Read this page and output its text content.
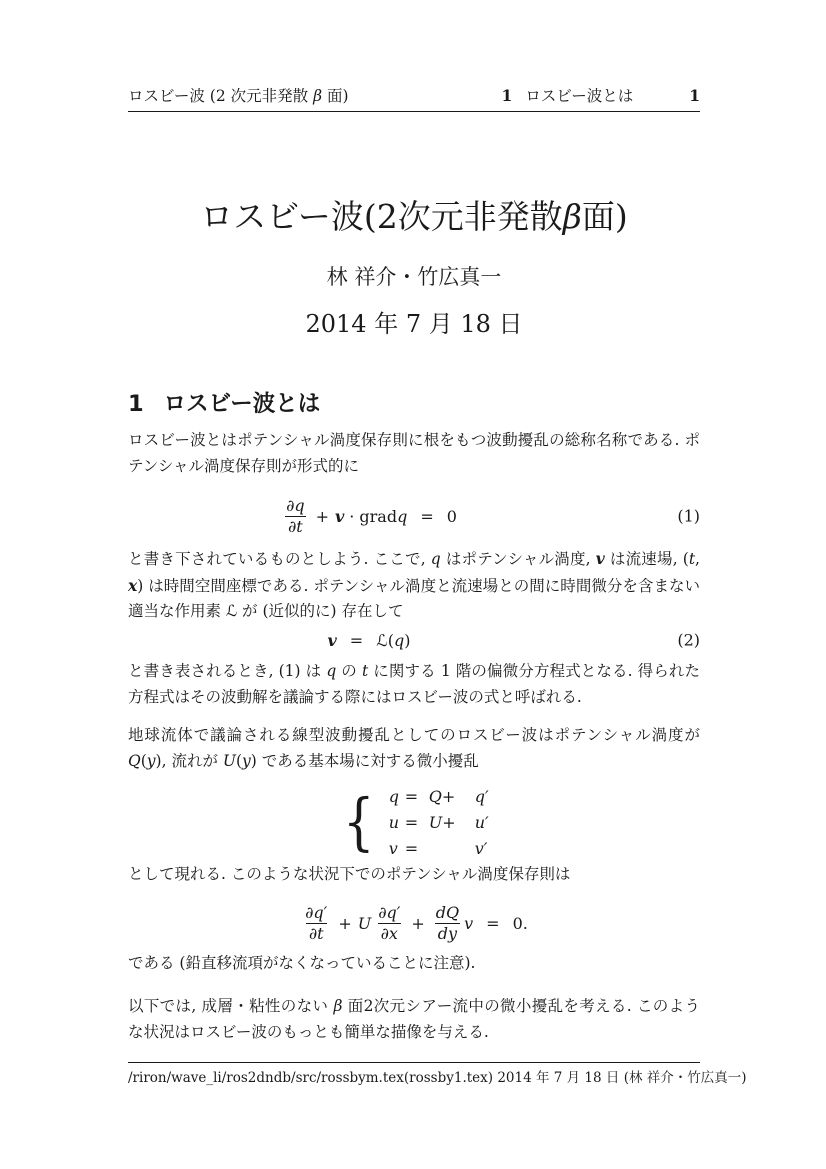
ロスビー波 (2 次元非発散 β 面)	1 ロスビー波とは	1
ロスビー波(2次元非発散β面)
林 祥介・竹広真一
2014 年 7 月 18 日
1 ロスビー波とは
ロスビー波とはポテンシャル渦度保存則に根をもつ波動擾乱の総称名称である. ポテンシャル渦度保存則が形式的に
$\frac{\partial q}{\partial t} + v$ · grad q = 0	(1)
と書き下されているものとしよう. ここで, q はポテンシャル渦度, v は流速場, (t, x) は時間空間座標である. ポテンシャル渦度と流速場との間に時間微分を含まない適当な作用素 ℒ が (近似的に) 存在して
v = ℒ ( q )	(2)
と書き表されるとき, (1) は q の t に関する 1 階の偏微分方程式となる. 得られた方程式はその波動解を議論する際にはロスビー波の式と呼ばれる.
地球流体で議論される線型波動擾乱としてのロスビー波はポテンシャル渦度が Q(y), 流れが U(y) である基本場に対する微小擾乱
{ q = Q+	q′
u = U+	u′
v =	v′
として現れる. このような状況下でのポテンシャル渦度保存則は
$\frac{\partial q'}{\partial t} + U \frac{\partial q'}{\partial x} + \frac{dQ}{dy}$ v = 0.
である (鉛直移流項がなくなっていることに注意).
以下では, 成層・粘性のない β 面2次元シアー流中の微小擾乱を考える. このような状況はロスビー波のもっとも簡単な描像を与える.
/riron/wave_li/ros2dndb/src/rossbym.tex(rossby1.tex) 2014 年 7 月 18 日 (林 祥介・竹広真一)
